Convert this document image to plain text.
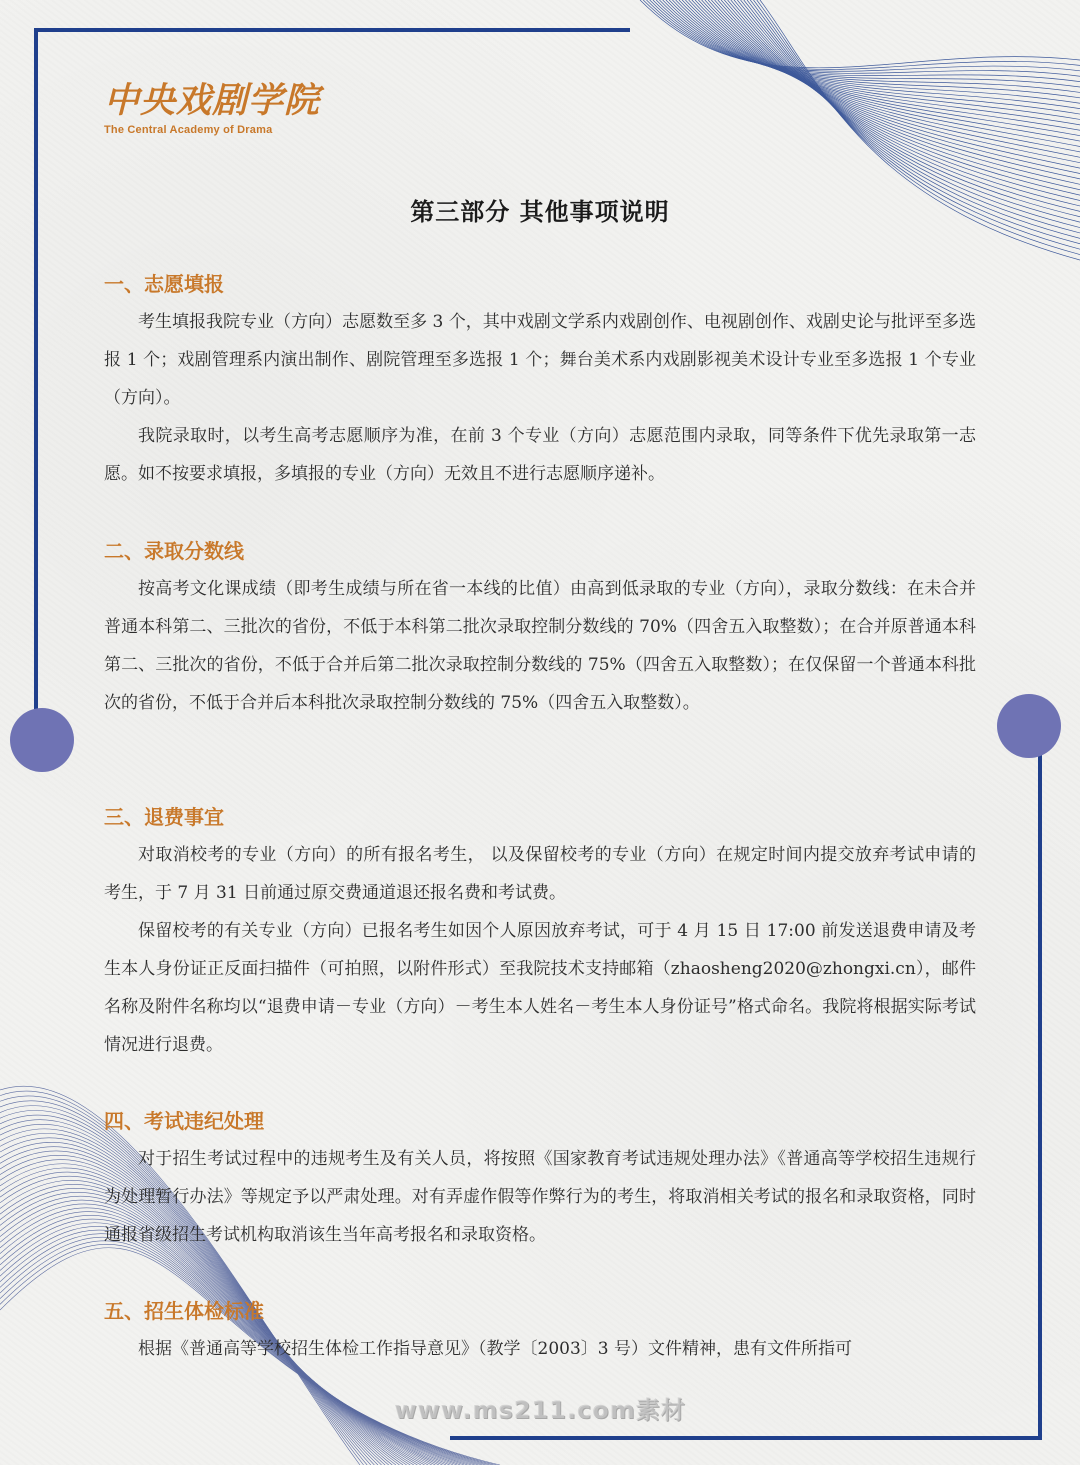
中央戏剧学院
The Central Academy of Drama
第三部分 其他事项说明
一、志愿填报

考生填报我院专业（方向）志愿数至多 3 个，其中戏剧文学系内戏剧创作、电视剧创作、戏剧史论与批评至多选报 1 个；戏剧管理系内演出制作、剧院管理至多选报 1 个；舞台美术系内戏剧影视美术设计专业至多选报 1 个专业（方向）。

我院录取时，以考生高考志愿顺序为准，在前 3 个专业（方向）志愿范围内录取，同等条件下优先录取第一志愿。如不按要求填报，多填报的专业（方向）无效且不进行志愿顺序递补。

二、录取分数线

按高考文化课成绩（即考生成绩与所在省一本线的比值）由高到低录取的专业（方向），录取分数线：在未合并普通本科第二、三批次的省份，不低于本科第二批次录取控制分数线的 70%（四舍五入取整数）；在合并原普通本科第二、三批次的省份，不低于合并后第二批次录取控制分数线的 75%（四舍五入取整数）；在仅保留一个普通本科批次的省份，不低于合并后本科批次录取控制分数线的 75%（四舍五入取整数）。

三、退费事宜

对取消校考的专业（方向）的所有报名考生， 以及保留校考的专业（方向）在规定时间内提交放弃考试申请的考生，于 7 月 31 日前通过原交费通道退还报名费和考试费。

保留校考的有关专业（方向）已报名考生如因个人原因放弃考试，可于 4 月 15 日 17:00 前发送退费申请及考生本人身份证正反面扫描件（可拍照，以附件形式）至我院技术支持邮箱（zhaosheng2020@zhongxi.cn），邮件名称及附件名称均以“退费申请－专业（方向）－考生本人姓名－考生本人身份证号”格式命名。我院将根据实际考试情况进行退费。

四、考试违纪处理

对于招生考试过程中的违规考生及有关人员，将按照《国家教育考试违规处理办法》《普通高等学校招生违规行为处理暂行办法》等规定予以严肃处理。对有弄虚作假等作弊行为的考生，将取消相关考试的报名和录取资格，同时通报省级招生考试机构取消该生当年高考报名和录取资格。

五、招生体检标准

根据《普通高等学校招生体检工作指导意见》（教学〔2003〕3 号）文件精神，患有文件所指可

www.ms211.com素材
